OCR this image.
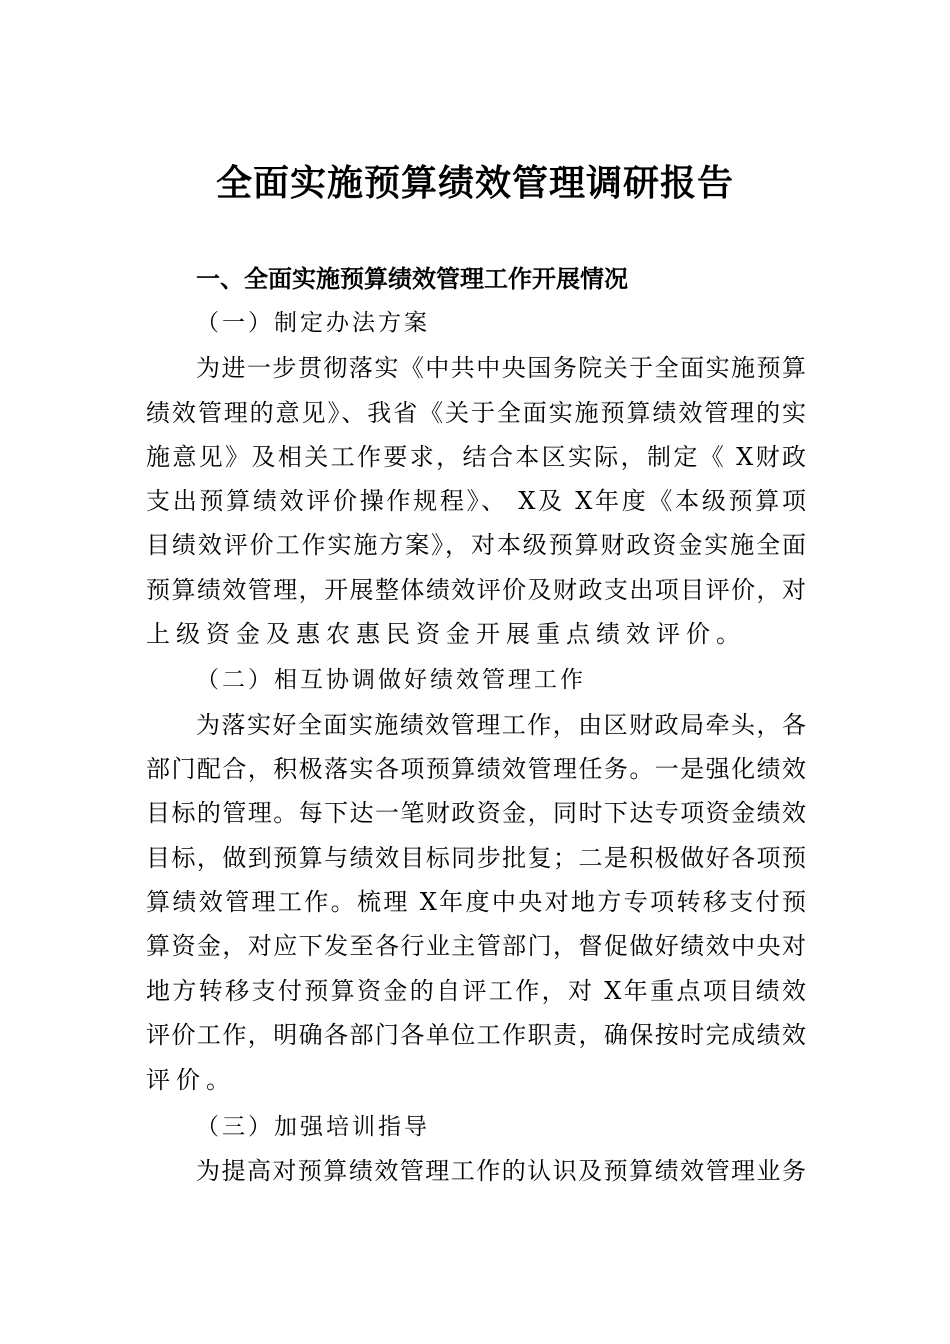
全面实施预算绩效管理调研报告
一、全面实施预算绩效管理工作开展情况
（一）制定办法方案
为进一步贯彻落实《中共中央国务院关于全面实施预算
绩效管理的意见》、我省《关于全面实施预算绩效管理的实
施意见》及相关工作要求，结合本区实际，制定《 X财政
支出预算绩效评价操作规程》、 X及 X年度《本级预算项
目绩效评价工作实施方案》，对本级预算财政资金实施全面
预算绩效管理，开展整体绩效评价及财政支出项目评价，对
上级资金及惠农惠民资金开展重点绩效评价。
（二）相互协调做好绩效管理工作
为落实好全面实施绩效管理工作，由区财政局牵头，各
部门配合，积极落实各项预算绩效管理任务。一是强化绩效
目标的管理。每下达一笔财政资金，同时下达专项资金绩效
目标，做到预算与绩效目标同步批复；二是积极做好各项预
算绩效管理工作。梳理 X年度中央对地方专项转移支付预
算资金，对应下发至各行业主管部门，督促做好绩效中央对
地方转移支付预算资金的自评工作，对 X年重点项目绩效
评价工作，明确各部门各单位工作职责，确保按时完成绩效
评价。
（三）加强培训指导
为提高对预算绩效管理工作的认识及预算绩效管理业务
